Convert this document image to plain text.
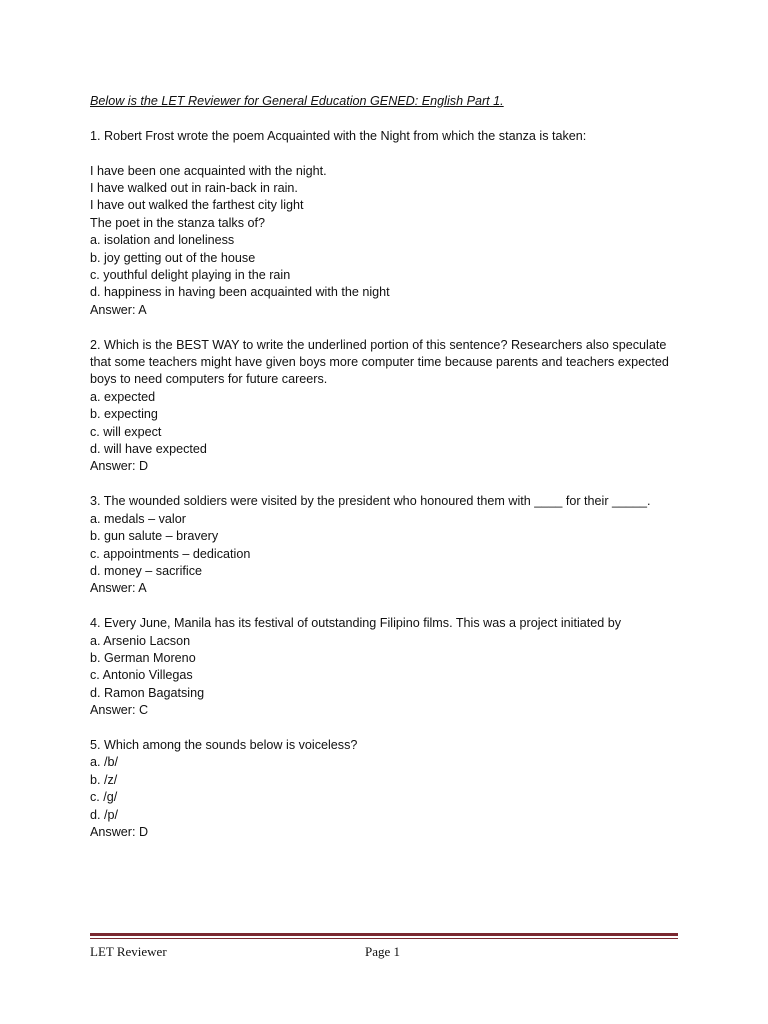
Below is the LET Reviewer for General Education GENED: English Part 1.
1. Robert Frost wrote the poem Acquainted with the Night from which the stanza is taken:
I have been one acquainted with the night.
I have walked out in rain-back in rain.
I have out walked the farthest city light
The poet in the stanza talks of?
a. isolation and loneliness
b. joy getting out of the house
c. youthful delight playing in the rain
d. happiness in having been acquainted with the night
Answer: A
2. Which is the BEST WAY to write the underlined portion of this sentence? Researchers also speculate
that some teachers might have given boys more computer time because parents and teachers expected
boys to need computers for future careers.
a. expected
b. expecting
c. will expect
d. will have expected
Answer: D
3. The wounded soldiers were visited by the president who honoured them with ____ for their _____.
a. medals – valor
b. gun salute – bravery
c. appointments – dedication
d. money – sacrifice
Answer: A
4. Every June, Manila has its festival of outstanding Filipino films. This was a project initiated by
a. Arsenio Lacson
b. German Moreno
c. Antonio Villegas
d. Ramon Bagatsing
Answer: C
5. Which among the sounds below is voiceless?
a. /b/
b. /z/
c. /g/
d. /p/
Answer: D
LET Reviewer	Page 1
